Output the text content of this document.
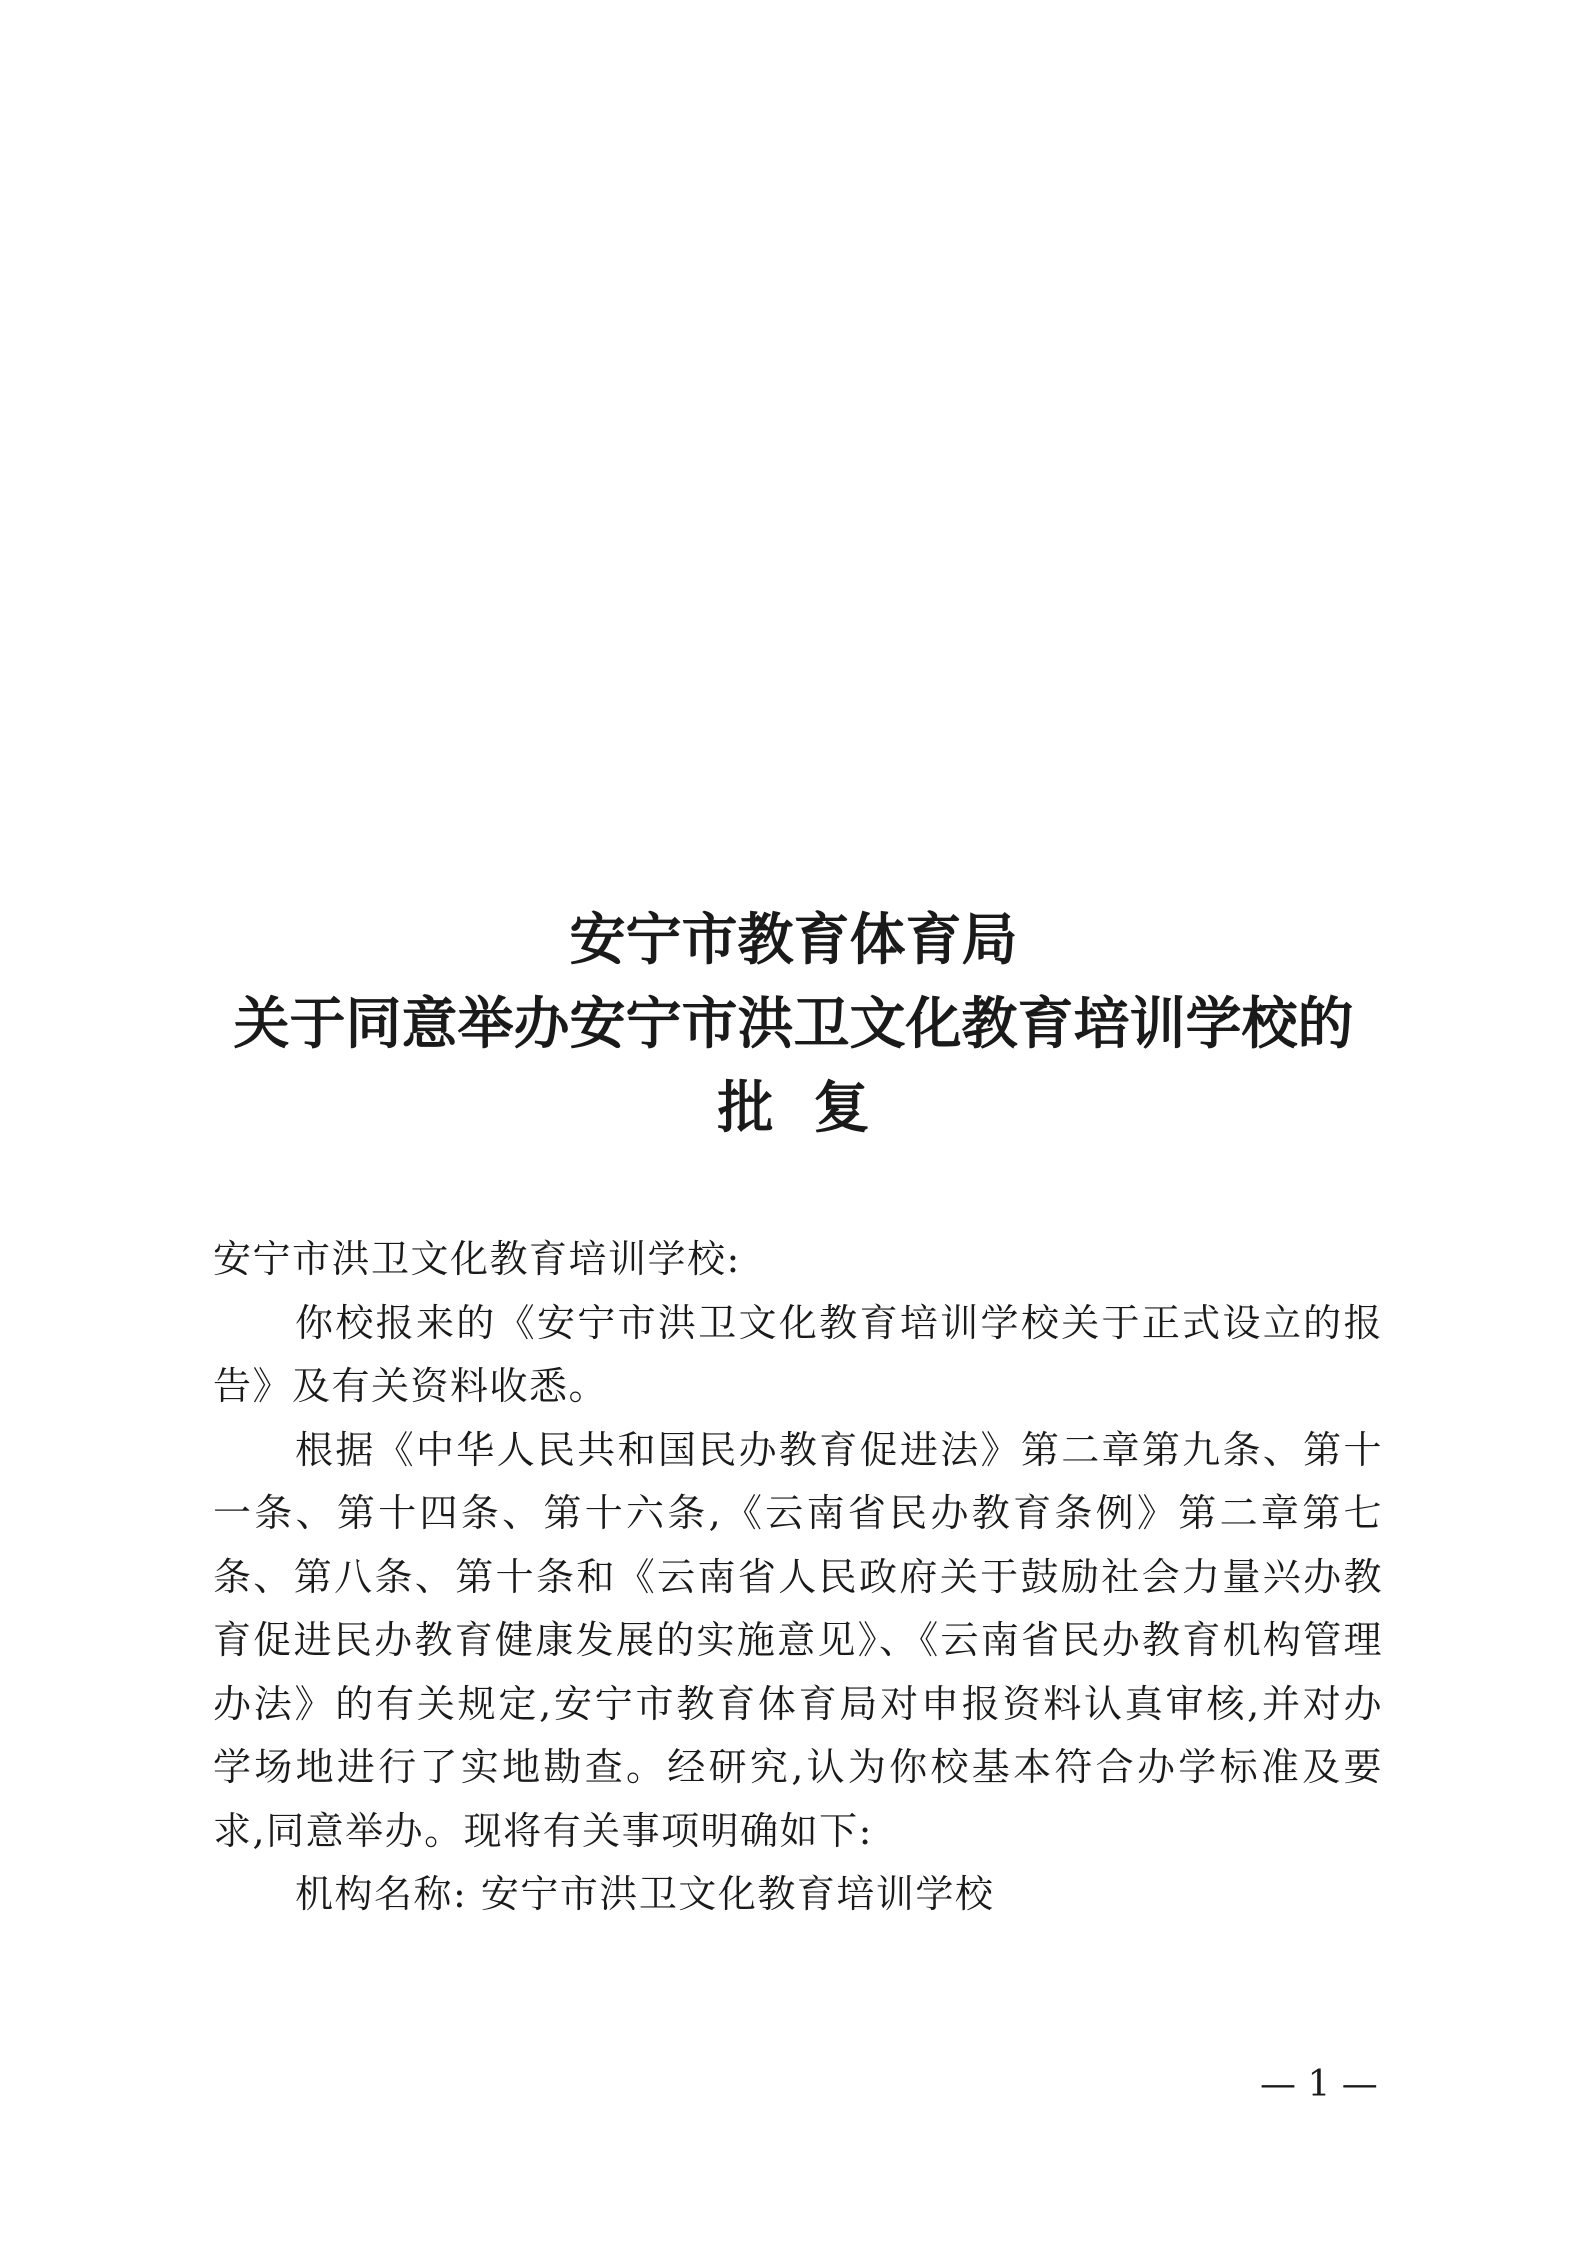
安宁市教育体育局
关于同意举办安宁市洪卫文化教育培训学校的
批复
安宁市洪卫文化教育培训学校:

你校报来的《安宁市洪卫文化教育培训学校关于正式设立的报告》及有关资料收悉。

根据《中华人民共和国民办教育促进法》第二章第九条、第十一条、第十四条、第十六条,《云南省民办教育条例》第二章第七条、第八条、第十条和《云南省人民政府关于鼓励社会力量兴办教育促进民办教育健康发展的实施意见》、《云南省民办教育机构管理办法》的有关规定,安宁市教育体育局对申报资料认真审核,并对办学场地进行了实地勘查。经研究,认为你校基本符合办学标准及要求,同意举办。现将有关事项明确如下:

机构名称: 安宁市洪卫文化教育培训学校

— 1 —
